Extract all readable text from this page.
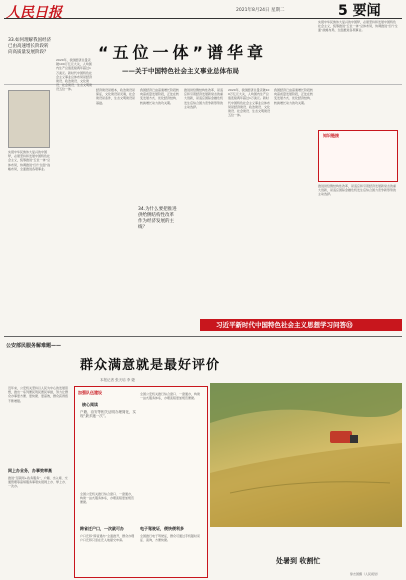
人民日报	2021年8月24日 星期二	5 要闻
“五位一体”谱华章
——关于中国特色社会主义事业总体布局
33.如何理解我国经济已由高速增长阶段转向高质量发展阶段？
34.为什么要把推进供给侧结构性改革作为经济发展的主线？

2020年，我国经济总量突破100万亿元大关，人均国内生产总值连续两年超过1万美元。新时代中国特色社会主义事业总体布局是经济建设、政治建设、文化建设、社会建设、生态文明建设五位一体。

实现中华民族伟大复兴的中国梦，必须坚持和发展中国特色社会主义，统筹推进“五位一体”总体布局，协调推进“四个全面”战略布局，全面推进各项事业。

经济建设是根本，政治建设是保证，文化建设是灵魂，社会建设是条件，生态文明建设是基础。

我国经济已由高速增长阶段转向高质量发展阶段，正处在转变发展方式、优化经济结构、转换增长动力的攻关期。

推进供给侧结构性改革，是适应和引领经济发展新常态的重大创新，是适应国际金融危机发生后综合国力竞争新形势的主动选择。

2020年，我国经济总量突破100万亿元大关，人均国内生产总值连续两年超过1万美元。新时代中国特色社会主义事业总体布局是经济建设、政治建设、文化建设、社会建设、生态文明建设五位一体。

我国经济已由高速增长阶段转向高质量发展阶段，正处在转变发展方式、优化经济结构、转换增长动力的攻关期。

实现中华民族伟大复兴的中国梦，必须坚持和发展中国特色社会主义，统筹推进“五位一体”总体布局，协调推进“四个全面”战略布局，全面推进各项事业。

知识链接

推进供给侧结构性改革，是适应和引领经济发展新常态的重大创新，是适应国际金融危机发生后综合国力竞争新形势的主动选择。

习近平新时代中国特色社会主义思想学习问答㉝
公安部民服务解难题——
群众满意就是最好评价
本报记者 张天培 李 婕

近年来，公安机关坚持以人民为中心的发展思想，推出一系列便民利民惠民举措，努力让群众办事更方便、更快捷、更高效，群众获得感不断增强。

网上办业务，办事效率高

推进“互联网+政务服务”，户籍、出入境、交通管理等高频服务事项实现网上办、掌上办、一次办。

加强队伍建设
核心阅读
户籍、治安等相关证明办理简化，实现“最多跑一次”。
全国公安机关推行综合窗口、一窗通办，构建一站式服务体系，办理流程更加规范便捷。
跨省迁户口，一次就可办
户口迁移“跨省通办”全面推开，群众办理户口迁移只需在迁入地提交申请。
全国公安机关推行综合窗口、一窗通办，构建一站式服务体系，办理流程更加规范便捷。
电子驾驶证，便快便利多
全国推行电子驾驶证，群众可通过手机随时亮证、查询，方便快捷。
处暑到 收割忙
徐志国摄（人民视觉）
